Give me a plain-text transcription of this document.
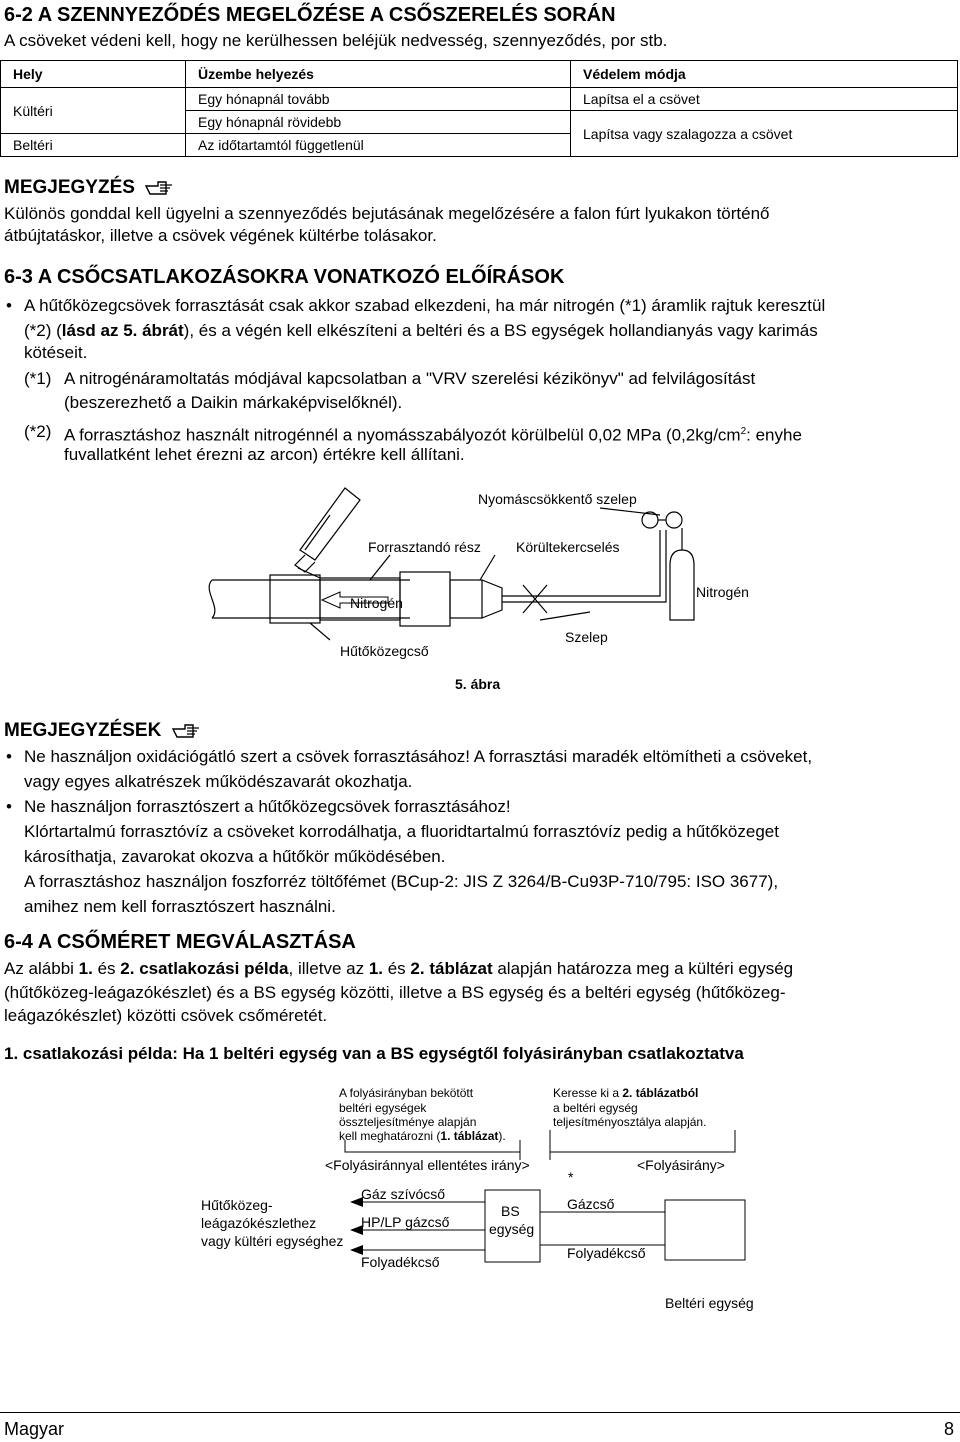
6-2 A SZENNYEZŐDÉS MEGELŐZÉSE A CSŐSZERELÉS SORÁN
A csöveket védeni kell, hogy ne kerülhessen beléjük nedvesség, szennyeződés, por stb.
Hely	Üzembe helyezés	Védelem módja
Kültéri	Egy hónapnál tovább	Lapítsa el a csövet
	Egy hónapnál rövidebb	Lapítsa vagy szalagozza a csövet
Beltéri	Az időtartamtól függetlenül	
MEGJEGYZÉS
Különös gonddal kell ügyelni a szennyeződés bejutásának megelőzésére a falon fúrt lyukakon történő
átbújtatáskor, illetve a csövek végének kültérbe tolásakor.
6-3 A CSŐCSATLAKOZÁSOKRA VONATKOZÓ ELŐÍRÁSOK
• A hűtőközegcsövek forrasztását csak akkor szabad elkezdeni, ha már nitrogén (*1) áramlik rajtuk keresztül
(*2) (lásd az 5. ábrát), és a végén kell elkészíteni a beltéri és a BS egységek hollandianyás vagy karimás
kötéseit.
(*1) A nitrogénáramoltatás módjával kapcsolatban a "VRV szerelési kézikönyv" ad felvilágosítást
(beszerezhető a Daikin márkaképviselőknél).
(*2) A forrasztáshoz használt nitrogénnél a nyomásszabályozót körülbelül 0,02 MPa ($0,2kg/cm^2$: enyhe
fuvallatként lehet érezni az arcon) értékre kell állítani.
Nyomáscsökkentő szelep
Forrasztandó rész	Körültekercselés
Nitrogén
Nitrogén
Hűtőközegcső
Szelep
5. ábra
MEGJEGYZÉSEK
• Ne használjon oxidációgátló szert a csövek forrasztásához! A forrasztási maradék eltömítheti a csöveket,
vagy egyes alkatrészek működészavarát okozhatja.
• Ne használjon forrasztószert a hűtőközegcsövek forrasztásához!
Klórtartalmú forrasztóvíz a csöveket korrodálhatja, a fluoridtartalmú forrasztóvíz pedig a hűtőközeget
károsíthatja, zavarokat okozva a hűtőkör működésében.
A forrasztáshoz használjon foszforréz töltőfémet (BCup-2: JIS Z 3264/B-Cu93P-710/795: ISO 3677),
amihez nem kell forrasztószert használni.
6-4 A CSŐMÉRET MEGVÁLASZTÁSA
Az alábbi 1. és 2. csatlakozási példa, illetve az 1. és 2. táblázat alapján határozza meg a kültéri egység
(hűtőközeg-leágazókészlet) és a BS egység közötti, illetve a BS egység és a beltéri egység (hűtőközeg-
leágazókészlet) közötti csövek csőméretét.
1. csatlakozási példa: Ha 1 beltéri egység van a BS egységtől folyásirányban csatlakoztatva
A folyásirányban bekötött
beltéri egységek
összteljesítménye alapján
kell meghatározni (1. táblázat).
Keresse ki a 2. táblázatból
a beltéri egység
teljesítményosztálya alapján.
<Folyásiránnyal ellentétes irány>	<Folyásirány>
*
Hűtőközeg-
leágazókészlethez
vagy kültéri egységhez
Gáz szívócső
HP/LP gázcső
Folyadékcső
BS
egység
Gázcső
Folyadékcső
Beltéri egység
Magyar	8
